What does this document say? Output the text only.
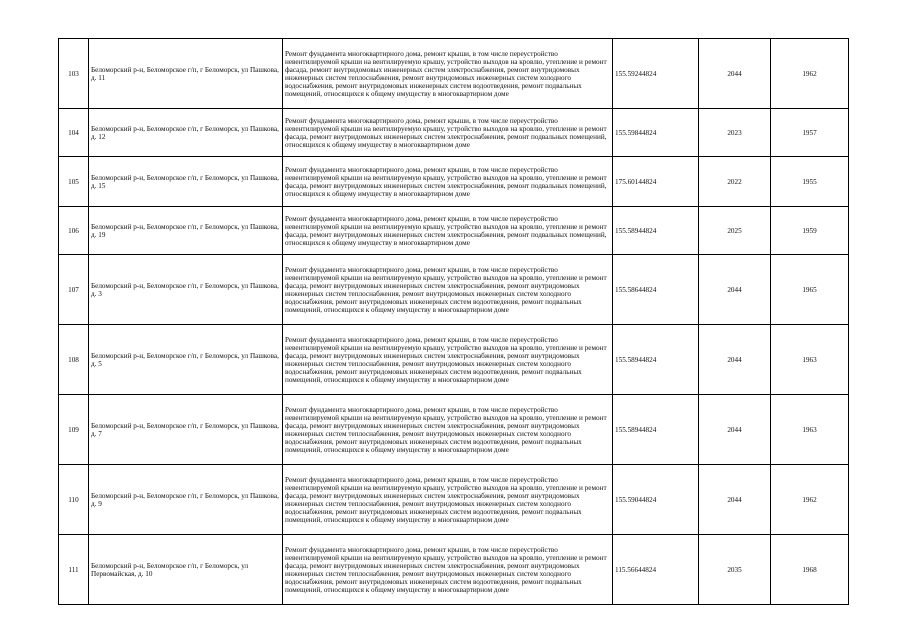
103	Беломорский р-н, Беломорское г/п, г Беломорск, ул Пашкова, д. 11	Ремонт фундамента многоквартирного дома, ремонт крыши, в том числе переустройство невентилируемой крыши на вентилируемую крышу, устройство выходов на кровлю, утепление и ремонт фасада, ремонт внутридомовых инженерных систем электроснабжения, ремонт внутридомовых инженерных систем теплоснабжения, ремонт внутридомовых инженерных систем холодного водоснабжения, ремонт внутридомовых инженерных систем водоотведения, ремонт подвальных помещений, относящихся к общему имуществу в многоквартирном доме	155.59244824	2044	1962
104	Беломорский р-н, Беломорское г/п, г Беломорск, ул Пашкова, д. 12	Ремонт фундамента многоквартирного дома, ремонт крыши, в том числе переустройство невентилируемой крыши на вентилируемую крышу, устройство выходов на кровлю, утепление и ремонт фасада, ремонт внутридомовых инженерных систем электроснабжения, ремонт подвальных помещений, относящихся к общему имуществу в многоквартирном доме	155.59844824	2023	1957
105	Беломорский р-н, Беломорское г/п, г Беломорск, ул Пашкова, д. 15	Ремонт фундамента многоквартирного дома, ремонт крыши, в том числе переустройство невентилируемой крыши на вентилируемую крышу, устройство выходов на кровлю, утепление и ремонт фасада, ремонт внутридомовых инженерных систем электроснабжения, ремонт подвальных помещений, относящихся к общему имуществу в многоквартирном доме	175.60144824	2022	1955
106	Беломорский р-н, Беломорское г/п, г Беломорск, ул Пашкова, д. 19	Ремонт фундамента многоквартирного дома, ремонт крыши, в том числе переустройство невентилируемой крыши на вентилируемую крышу, устройство выходов на кровлю, утепление и ремонт фасада, ремонт внутридомовых инженерных систем электроснабжения, ремонт подвальных помещений, относящихся к общему имуществу в многоквартирном доме	155.58944824	2025	1959
107	Беломорский р-н, Беломорское г/п, г Беломорск, ул Пашкова, д. 3	Ремонт фундамента многоквартирного дома, ремонт крыши, в том числе переустройство невентилируемой крыши на вентилируемую крышу, устройство выходов на кровлю, утепление и ремонт фасада, ремонт внутридомовых инженерных систем электроснабжения, ремонт внутридомовых инженерных систем теплоснабжения, ремонт внутридомовых инженерных систем холодного водоснабжения, ремонт внутридомовых инженерных систем водоотведения, ремонт подвальных помещений, относящихся к общему имуществу в многоквартирном доме	155.58644824	2044	1965
108	Беломорский р-н, Беломорское г/п, г Беломорск, ул Пашкова, д. 5	Ремонт фундамента многоквартирного дома, ремонт крыши, в том числе переустройство невентилируемой крыши на вентилируемую крышу, устройство выходов на кровлю, утепление и ремонт фасада, ремонт внутридомовых инженерных систем электроснабжения, ремонт внутридомовых инженерных систем теплоснабжения, ремонт внутридомовых инженерных систем холодного водоснабжения, ремонт внутридомовых инженерных систем водоотведения, ремонт подвальных помещений, относящихся к общему имуществу в многоквартирном доме	155.58944824	2044	1963
109	Беломорский р-н, Беломорское г/п, г Беломорск, ул Пашкова, д. 7	Ремонт фундамента многоквартирного дома, ремонт крыши, в том числе переустройство невентилируемой крыши на вентилируемую крышу, устройство выходов на кровлю, утепление и ремонт фасада, ремонт внутридомовых инженерных систем электроснабжения, ремонт внутридомовых инженерных систем теплоснабжения, ремонт внутридомовых инженерных систем холодного водоснабжения, ремонт внутридомовых инженерных систем водоотведения, ремонт подвальных помещений, относящихся к общему имуществу в многоквартирном доме	155.58944824	2044	1963
110	Беломорский р-н, Беломорское г/п, г Беломорск, ул Пашкова, д. 9	Ремонт фундамента многоквартирного дома, ремонт крыши, в том числе переустройство невентилируемой крыши на вентилируемую крышу, устройство выходов на кровлю, утепление и ремонт фасада, ремонт внутридомовых инженерных систем электроснабжения, ремонт внутридомовых инженерных систем теплоснабжения, ремонт внутридомовых инженерных систем холодного водоснабжения, ремонт внутридомовых инженерных систем водоотведения, ремонт подвальных помещений, относящихся к общему имуществу в многоквартирном доме	155.59044824	2044	1962
111	Беломорский р-н, Беломорское г/п, г Беломорск, ул Первомайская, д. 10	Ремонт фундамента многоквартирного дома, ремонт крыши, в том числе переустройство невентилируемой крыши на вентилируемую крышу, устройство выходов на кровлю, утепление и ремонт фасада, ремонт внутридомовых инженерных систем электроснабжения, ремонт внутридомовых инженерных систем теплоснабжения, ремонт внутридомовых инженерных систем холодного водоснабжения, ремонт внутридомовых инженерных систем водоотведения, ремонт подвальных помещений, относящихся к общему имуществу в многоквартирном доме	115.56644824	2035	1968
